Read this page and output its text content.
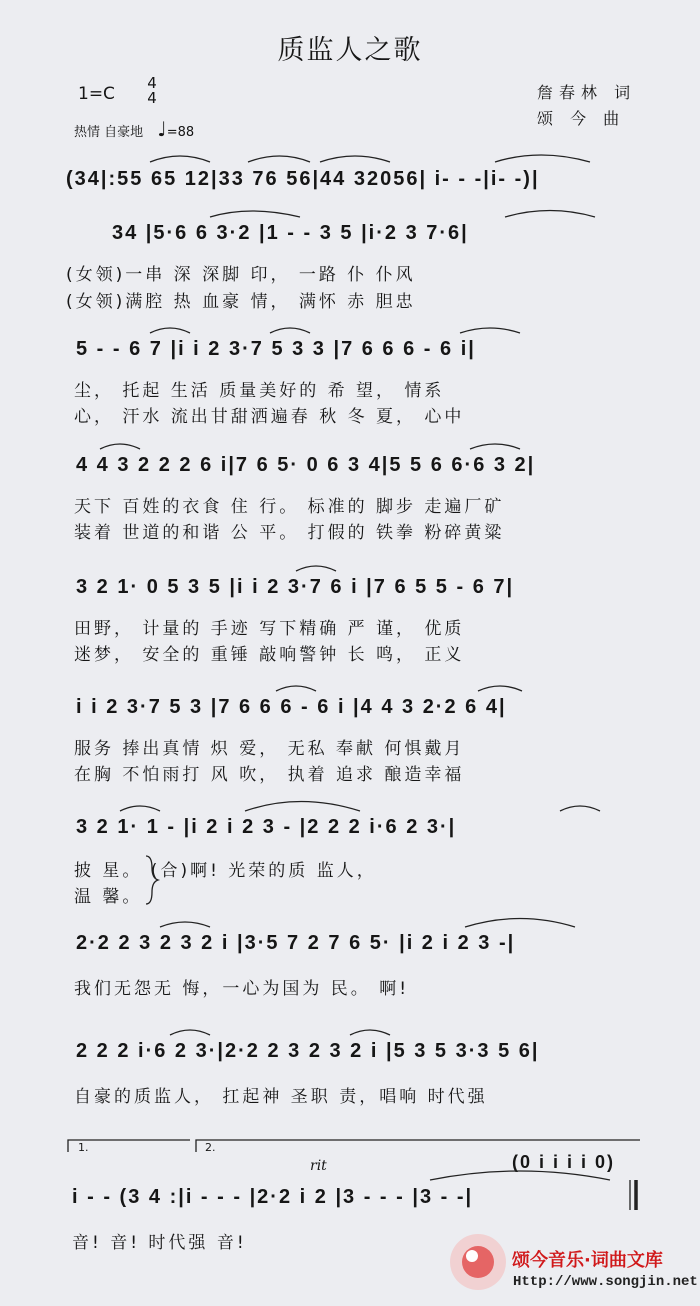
质监人之歌
1=C
4
4
热情 自豪地 ♩=88
詹春林 词
颂 今 曲
(34|:55 65 12|33 76 56|44 32056| i- - -|i- -)|
34 |5·6 6 3·2 |1 - - 3 5 |i·2 3 7·6|
(女领)一串 深 深脚 印， 一路 仆 仆风
(女领)满腔 热 血豪 情， 满怀 赤 胆忠
5 - - 6 7 |i i 2 3·7 5 3 3 |7 6 6 6 - 6 i|
尘， 托起 生活 质量美好的 希 望， 情系
心， 汗水 流出甘甜洒遍春 秋 冬 夏， 心中
4 4 3 2 2 2 6 i|7 6 5· 0 6 3 4|5 5 6 6·6 3 2|
天下 百姓的衣食 住 行。 标准的 脚步 走遍厂矿
装着 世道的和谐 公 平。 打假的 铁拳 粉碎黄粱
3 2 1· 0 5 3 5 |i i 2 3·7 6 i |7 6 5 5 - 6 7|
田野， 计量的 手迹 写下精确 严 谨， 优质
迷梦， 安全的 重锤 敲响警钟 长 鸣， 正义
i i 2 3·7 5 3 |7 6 6 6 - 6 i |4 4 3 2·2 6 4|
服务 捧出真情 炽 爱， 无私 奉献 何惧戴月
在胸 不怕雨打 风 吹， 执着 追求 酿造幸福
3 2 1· 1 - |i 2 i 2 3 - |2 2 2 i·6 2 3·|
披 星。 (合)啊! 光荣的质 监人，
温 馨。
2·2 2 3 2 3 2 i |3·5 7 2 7 6 5· |i 2 i 2 3 -|
我们无怨无 悔，一心为国为 民。 啊!
2 2 2 i·6 2 3·|2·2 2 3 2 3 2 i |5 3 5 3·3 5 6|
自豪的质监人， 扛起神 圣职 责，唱响 时代强
1.	2.
rit	(0 i i i i 0)
i - - (3 4 :|i - - - |2·2 i 2 |3 - - - |3 - -|
音! 音! 时代强 音!
颂今音乐·词曲文库
Http://www.songjin.net
